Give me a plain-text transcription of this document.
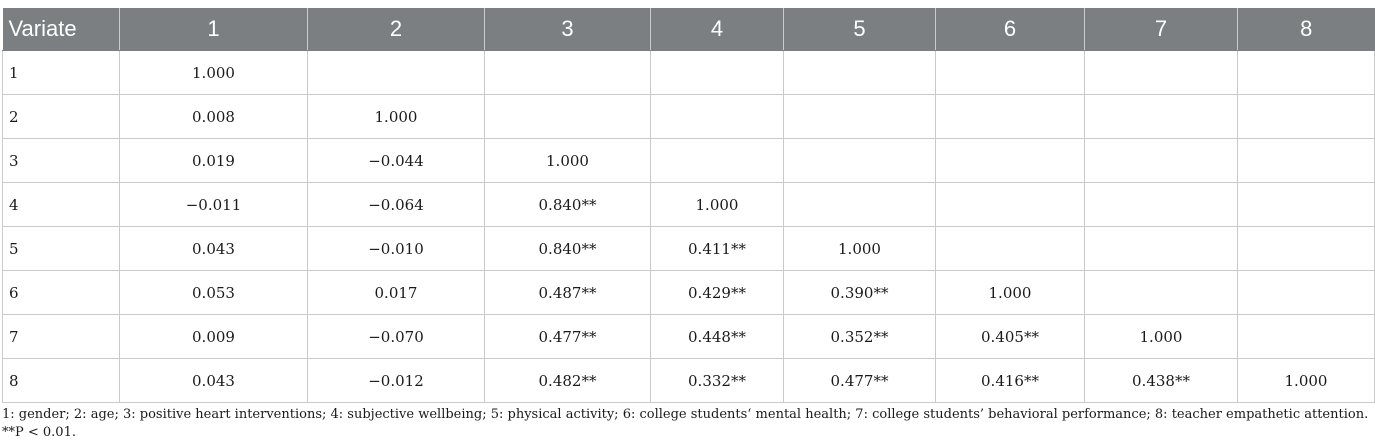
Variate	1	2	3	4	5	6	7	8
1	1.000							
2	0.008	1.000						
3	0.019	−0.044	1.000					
4	−0.011	−0.064	0.840**	1.000				
5	0.043	−0.010	0.840**	0.411**	1.000			
6	0.053	0.017	0.487**	0.429**	0.390**	1.000		
7	0.009	−0.070	0.477**	0.448**	0.352**	0.405**	1.000	
8	0.043	−0.012	0.482**	0.332**	0.477**	0.416**	0.438**	1.000
1: gender; 2: age; 3: positive heart interventions; 4: subjective wellbeing; 5: physical activity; 6: college students‘ mental health; 7: college students’ behavioral performance; 8: teacher empathetic attention. **P < 0.01.
